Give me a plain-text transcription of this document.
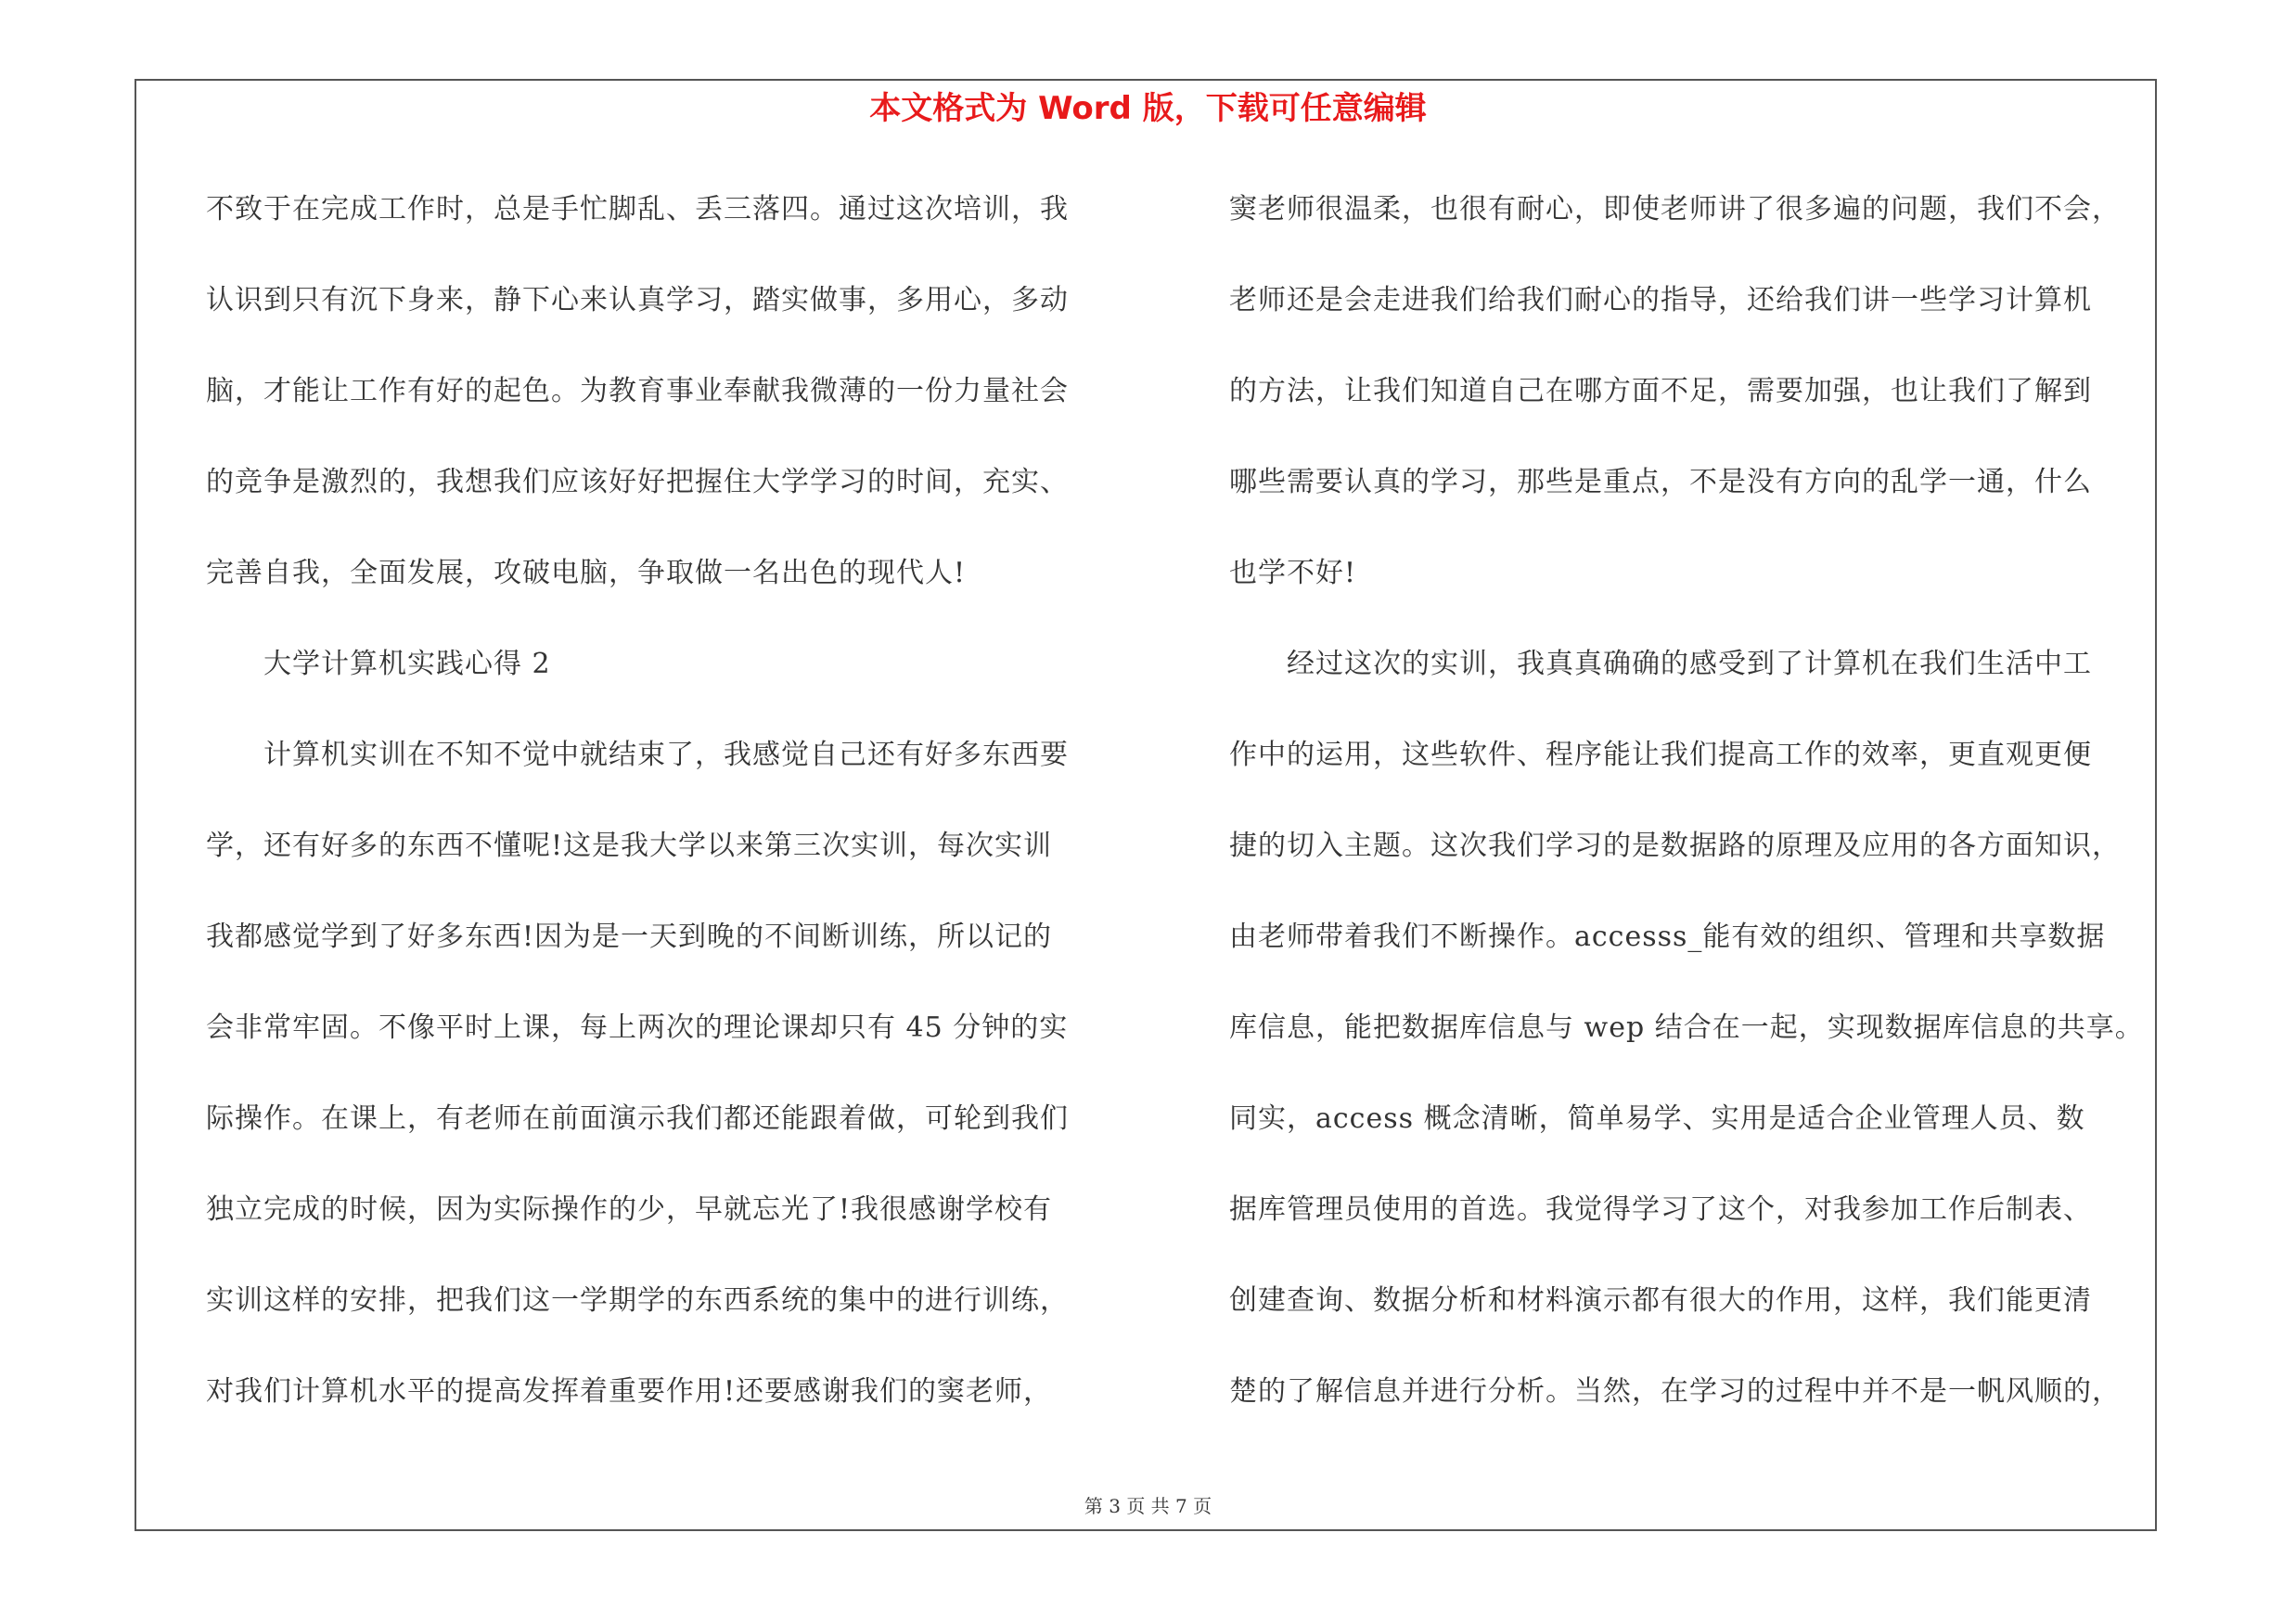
本文格式为 Word 版，下载可任意编辑
不致于在完成工作时，总是手忙脚乱、丢三落四。通过这次培训，我
认识到只有沉下身来，静下心来认真学习，踏实做事，多用心，多动
脑，才能让工作有好的起色。为教育事业奉献我微薄的一份力量社会
的竞争是激烈的，我想我们应该好好把握住大学学习的时间，充实、
完善自我，全面发展，攻破电脑，争取做一名出色的现代人!
　　大学计算机实践心得 2
　　计算机实训在不知不觉中就结束了，我感觉自己还有好多东西要
学，还有好多的东西不懂呢!这是我大学以来第三次实训，每次实训
我都感觉学到了好多东西!因为是一天到晚的不间断训练，所以记的
会非常牢固。不像平时上课，每上两次的理论课却只有 45 分钟的实
际操作。在课上，有老师在前面演示我们都还能跟着做，可轮到我们
独立完成的时候，因为实际操作的少，早就忘光了!我很感谢学校有
实训这样的安排，把我们这一学期学的东西系统的集中的进行训练，
对我们计算机水平的提高发挥着重要作用!还要感谢我们的窦老师，
窦老师很温柔，也很有耐心，即使老师讲了很多遍的问题，我们不会，
老师还是会走进我们给我们耐心的指导，还给我们讲一些学习计算机
的方法，让我们知道自己在哪方面不足，需要加强，也让我们了解到
哪些需要认真的学习，那些是重点，不是没有方向的乱学一通，什么
也学不好!
　　经过这次的实训，我真真确确的感受到了计算机在我们生活中工
作中的运用，这些软件、程序能让我们提高工作的效率，更直观更便
捷的切入主题。这次我们学习的是数据路的原理及应用的各方面知识，
由老师带着我们不断操作。accesss_能有效的组织、管理和共享数据
库信息，能把数据库信息与 wep 结合在一起，实现数据库信息的共享。
同实，access 概念清晰，简单易学、实用是适合企业管理人员、数
据库管理员使用的首选。我觉得学习了这个，对我参加工作后制表、
创建查询、数据分析和材料演示都有很大的作用，这样，我们能更清
楚的了解信息并进行分析。当然，在学习的过程中并不是一帆风顺的，
第 3 页 共 7 页
